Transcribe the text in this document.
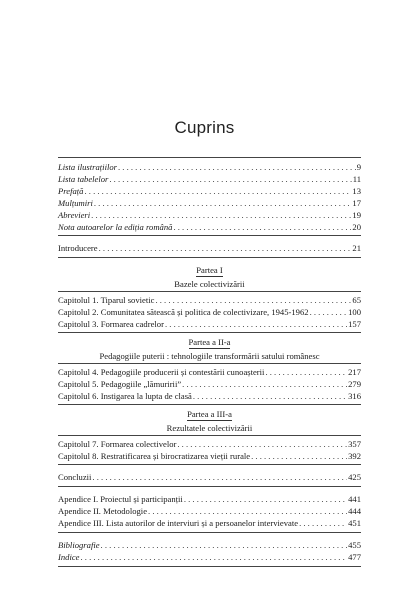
Cuprins
Lista ilustrațiilor . . .	9
Lista tabelelor . . .	11
Prefață . . .	13
Mulțumiri . . .	17
Abrevieri . . .	19
Nota autoarelor la ediția română . . .	20
Introducere . . .	21
Partea I
Bazele colectivizării
Capitolul 1. Tiparul sovietic . . .	65
Capitolul 2. Comunitatea sătească și politica de colectivizare, 1945-1962 . . .	100
Capitolul 3. Formarea cadrelor . . .	157
Partea a II-a
Pedagogiile puterii : tehnologiile transformării satului românesc
Capitolul 4. Pedagogiile producerii și contestării cunoașterii . . .	217
Capitolul 5. Pedagogiile „lămuririi” . . .	279
Capitolul 6. Instigarea la lupta de clasă . . .	316
Partea a III-a
Rezultatele colectivizării
Capitolul 7. Formarea colectivelor . . .	357
Capitolul 8. Restratificarea și birocratizarea vieții rurale . . .	392
Concluzii . . .	425
Apendice I. Proiectul și participanții . . .	441
Apendice II. Metodologie . . .	444
Apendice III. Lista autorilor de interviuri și a persoanelor intervievate . . .	451
Bibliografie . . .	455
Indice . . .	477
